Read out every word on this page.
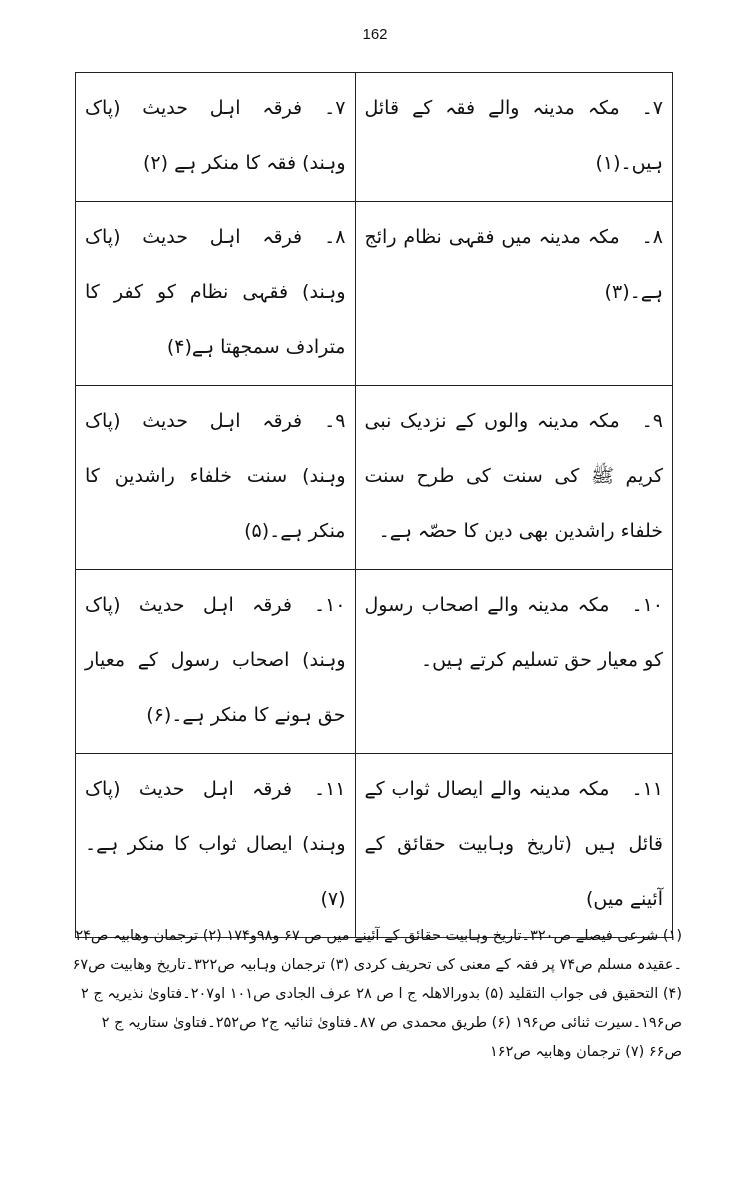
162
۷۔مکہ مدینہ والے فقہ کے قائل ہیں۔(۱)	۷۔فرقہ اہل حدیث (پاک وہند) فقہ کا منکر ہے (۲)
۸۔مکہ مدینہ میں فقہی نظام رائج ہے۔(۳)	۸۔فرقہ اہل حدیث (پاک وہند) فقہی نظام کو کفر کا مترادف سمجھتا ہے(۴)
۹۔مکہ مدینہ والوں کے نزدیک نبی کریم ﷺ کی سنت کی طرح سنت خلفاء راشدین بھی دین کا حصّہ ہے۔	۹۔فرقہ اہل حدیث (پاک وہند) سنت خلفاء راشدین کا منکر ہے۔(۵)
۱۰۔مکہ مدینہ والے اصحاب رسول کو معیار حق تسلیم کرتے ہیں۔	۱۰۔فرقہ اہل حدیث (پاک وہند) اصحاب رسول کے معیار حق ہونے کا منکر ہے۔(۶)
۱۱۔مکہ مدینہ والے ایصال ثواب کے قائل ہیں (تاریخ وہابیت حقائق کے آئینے میں)	۱۱۔فرقہ اہل حدیث (پاک وہند) ایصال ثواب کا منکر ہے۔(۷)

(۱) شرعی فیصلے ص۳۲۰۔تاریخ وہابیت حقائق کے آئینے میں ص ۶۷ و۹۸و۱۷۴ (۲) ترجمان وھابیہ ص۲۴

۔عقیدہ مسلم ص۷۴ پر فقہ کے معنی کی تحریف کردی (۳) ترجمان وہابیہ ص۳۲۲۔تاریخ وھابیت ص۶۷

(۴) التحقیق فی جواب التقلید (۵) بدورالاھلہ ج ا ص ۲۸ عرف الجادی ص۱۰۱ او۲۰۷۔فتاویٰ نذیریہ ج ۲

ص۱۹۶۔سیرت ثنائی ص۱۹۶ (۶) طریق محمدی ص ۸۷۔فتاویٰ ثنائیہ ج۲ ص۲۵۲۔فتاویٰ ستاریہ ج ۲

ص۶۶ (۷) ترجمان وھابیہ ص۱۶۲
